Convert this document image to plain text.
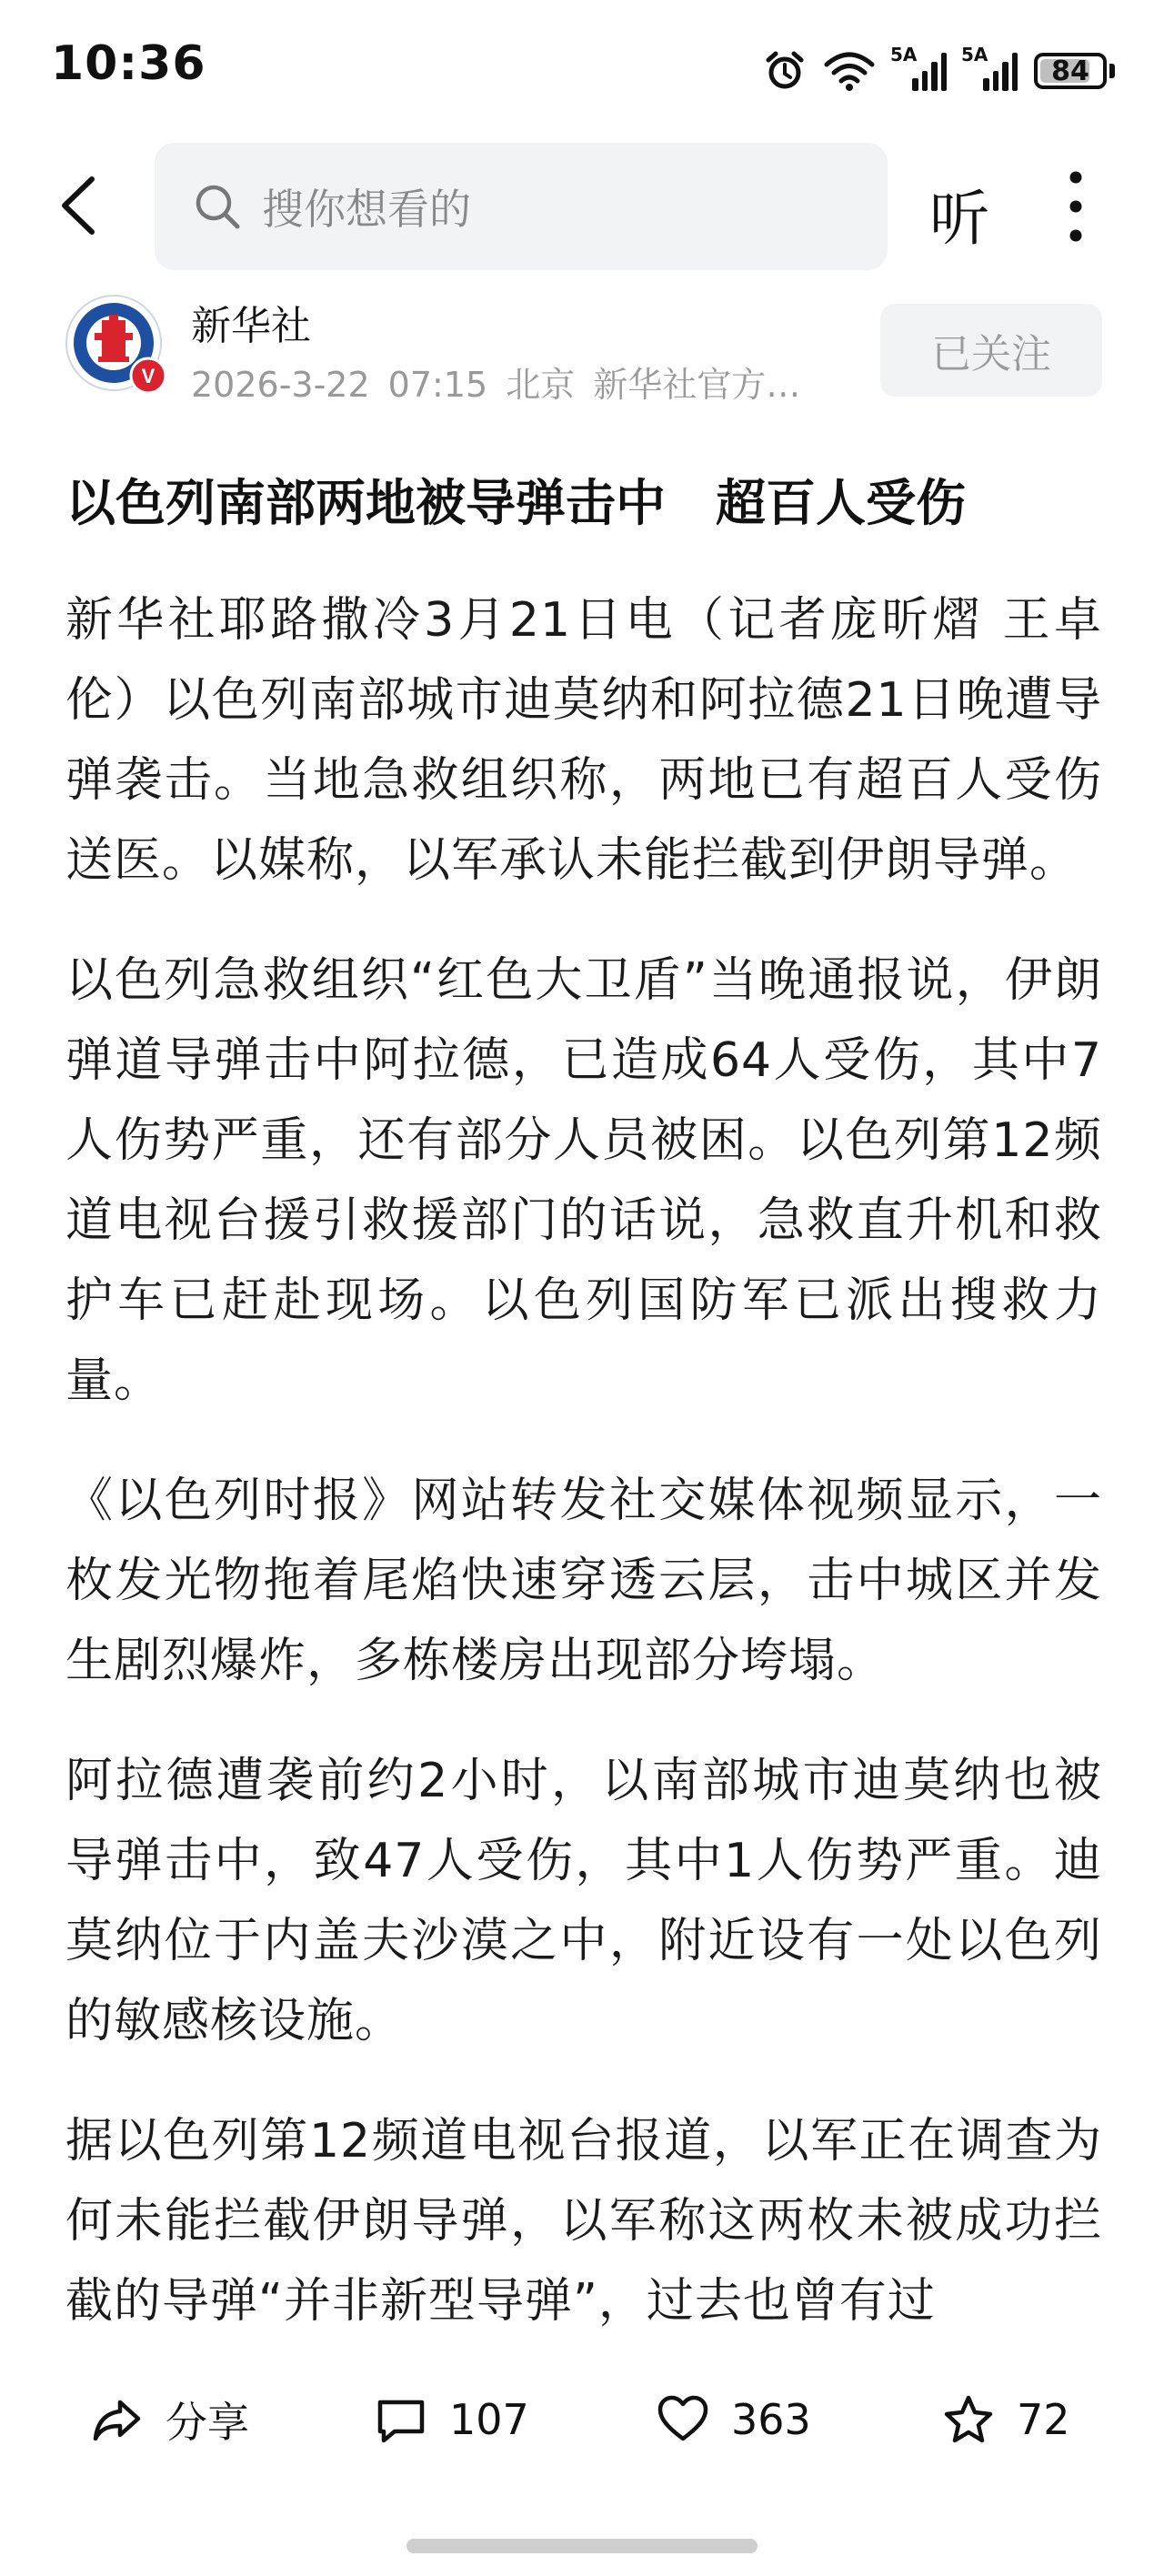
10:36	5A 5A
84
搜你想看的	听
V
新华社
2026-3-22 07:15 北京 新华社官方…
已关注
以色列南部两地被导弹击中　超百人受伤

新华社耶路撒冷3月21日电（记者庞昕熠 王卓伦）以色列南部城市迪莫纳和阿拉德21日晚遭导弹袭击。当地急救组织称，两地已有超百人受伤送医。以媒称，以军承认未能拦截到伊朗导弹。

以色列急救组织“红色大卫盾”当晚通报说，伊朗弹道导弹击中阿拉德，已造成64人受伤，其中7人伤势严重，还有部分人员被困。以色列第12频道电视台援引救援部门的话说，急救直升机和救护车已赶赴现场。以色列国防军已派出搜救力量。

《以色列时报》网站转发社交媒体视频显示，一枚发光物拖着尾焰快速穿透云层，击中城区并发生剧烈爆炸，多栋楼房出现部分垮塌。

阿拉德遭袭前约2小时，以南部城市迪莫纳也被导弹击中，致47人受伤，其中1人伤势严重。迪莫纳位于内盖夫沙漠之中，附近设有一处以色列的敏感核设施。

据以色列第12频道电视台报道，以军正在调查为何未能拦截伊朗导弹，以军称这两枚未被成功拦截的导弹“并非新型导弹”，过去也曾有过

分享	107	363	72
